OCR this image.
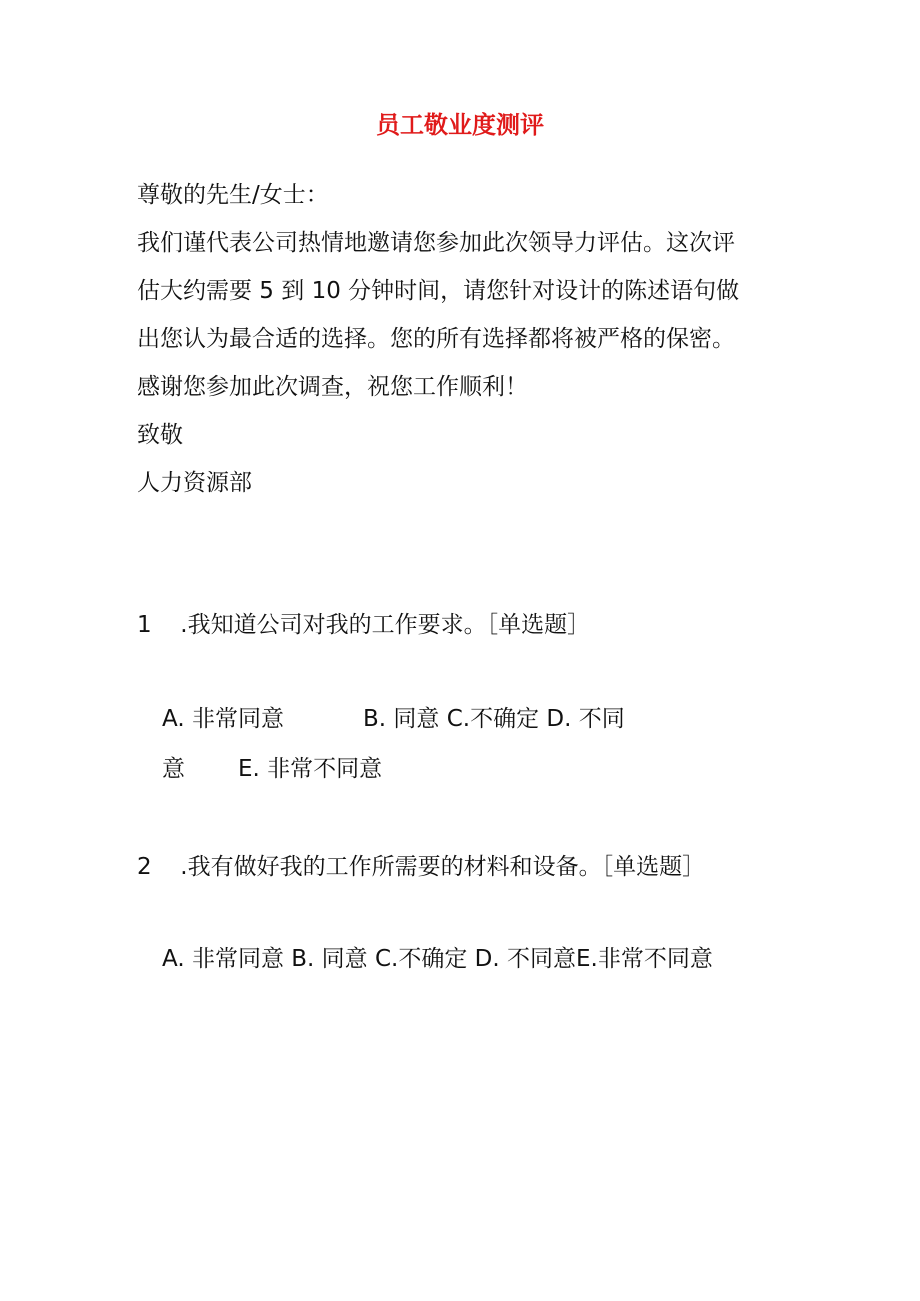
员工敬业度测评
尊敬的先生/女士：
我们谨代表公司热情地邀请您参加此次领导力评估。这次评
估大约需要 5 到 10 分钟时间，请您针对设计的陈述语句做
出您认为最合适的选择。您的所有选择都将被严格的保密。
感谢您参加此次调查，祝您工作顺利！
致敬
人力资源部
1 .我知道公司对我的工作要求。［单选题］
A. 非常同意	B. 同意 C.不确定 D. 不同
意 E. 非常不同意
2 .我有做好我的工作所需要的材料和设备。［单选题］
A. 非常同意 B. 同意 C.不确定 D. 不同意E.非常不同意
